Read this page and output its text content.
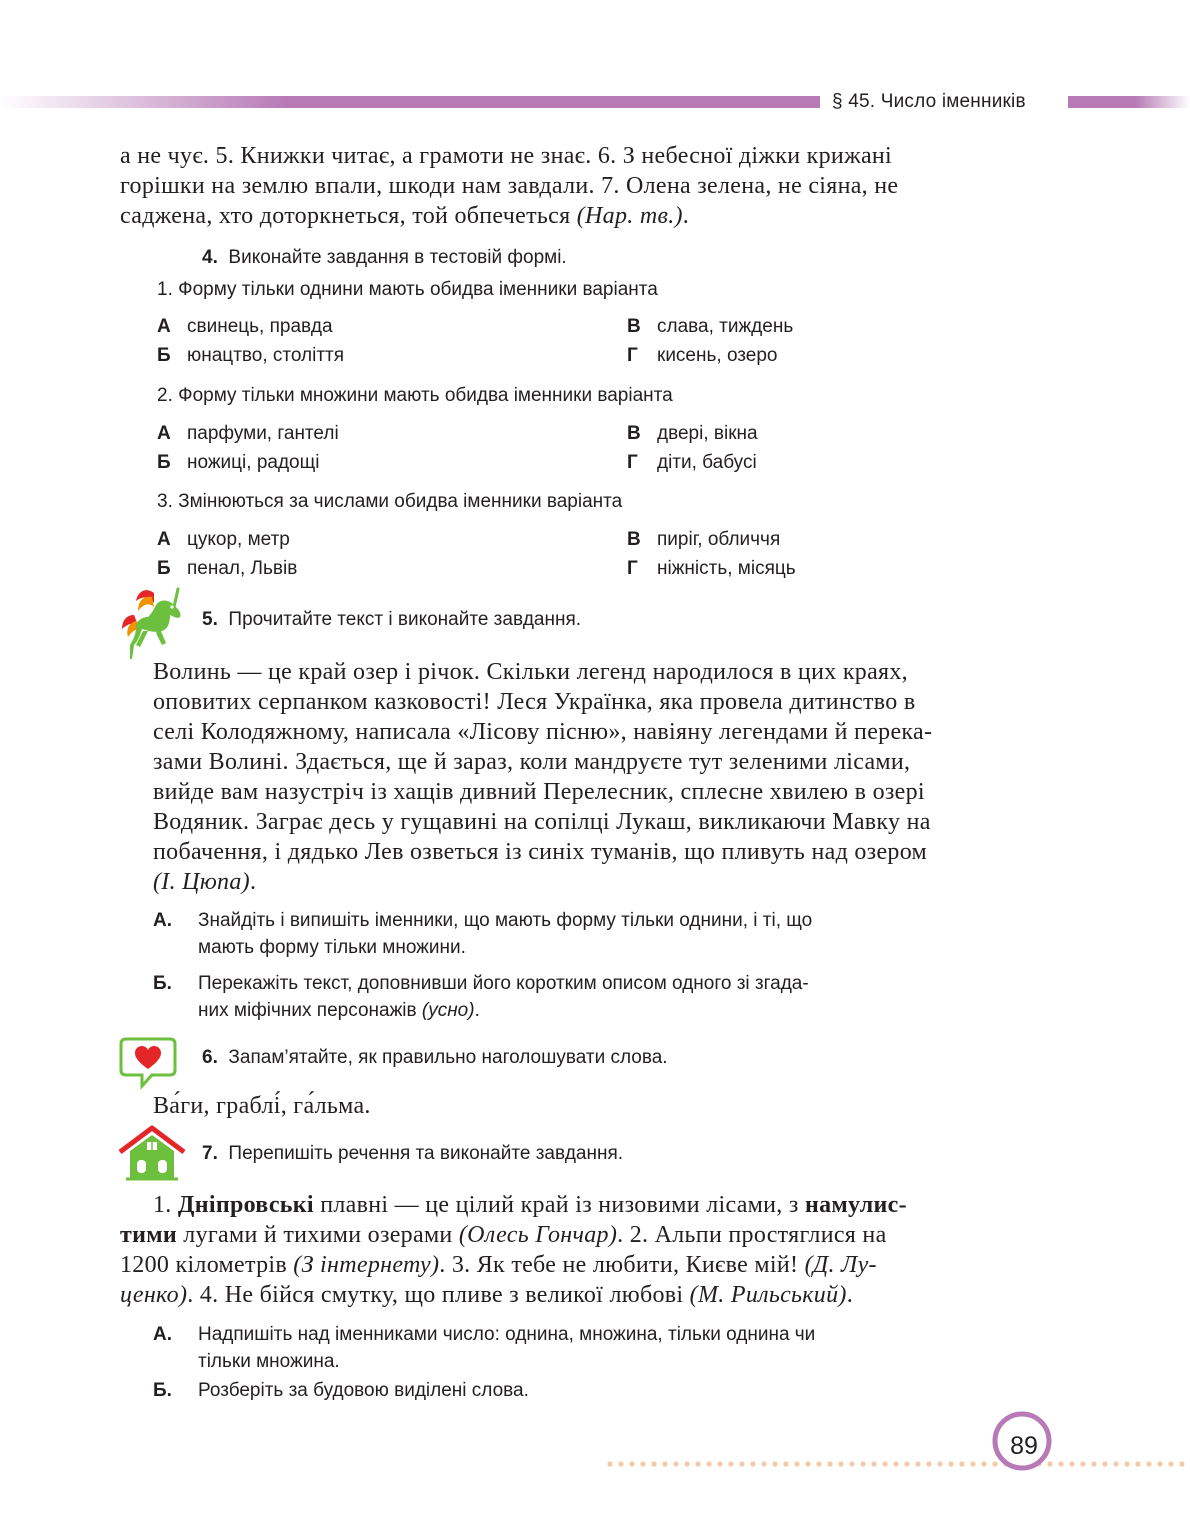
§ 45. Число іменників
а не чує. 5. Книжки читає, а грамоти не знає. 6. З небесної діжки крижані
горішки на землю впали, шкоди нам завдали. 7. Олена зелена, не сіяна, не
саджена, хто доторкнеться, той обпечеться (Нар. тв.).
4. Виконайте завдання в тестовій формі.
1. Форму тільки однини мають обидва іменники варіанта
А свинець, правда
Б юнацтво, століття
В слава, тиждень
Г кисень, озеро
2. Форму тільки множини мають обидва іменники варіанта
А парфуми, гантелі
Б ножиці, радощі
В двері, вікна
Г діти, бабусі
3. Змінюються за числами обидва іменники варіанта
А цукор, метр
Б пенал, Львів
В пиріг, обличчя
Г ніжність, місяць
5. Прочитайте текст і виконайте завдання.
Волинь — це край озер і річок. Скільки легенд народилося в цих краях,
оповитих серпанком казковості! Леся Українка, яка провела дитинство в
селі Колодяжному, написала «Лісову пісню», навіяну легендами й перека-
зами Волині. Здається, ще й зараз, коли мандруєте тут зеленими лісами,
вийде вам назустріч із хащів дивний Перелесник, сплесне хвилею в озері
Водяник. Заграє десь у гущавині на сопілці Лукаш, викликаючи Мавку на
побачення, і дядько Лев озветься із синіх туманів, що пливуть над озером
(І. Цюпа).
А. Знайдіть і випишіть іменники, що мають форму тільки однини, і ті, що
мають форму тільки множини.
Б. Перекажіть текст, доповнивши його коротким описом одного зі згада-
них міфічних персонажів (усно).
6. Запам’ятайте, як правильно наголошувати слова.
Ва́ги, граблі́, га́льма.
7. Перепишіть речення та виконайте завдання.
1. Дніпровські плавні — це цілий край із низовими лісами, з намулис-
тими лугами й тихими озерами (Олесь Гончар). 2. Альпи простяглися на
1200 кілометрів (З інтернету). 3. Як тебе не любити, Києве мій! (Д. Лу-
ценко). 4. Не бійся смутку, що пливе з великої любові (М. Рильський).
А. Надпишіть над іменниками число: однина, множина, тільки однина чи
тільки множина.
Б. Розберіть за будовою виділені слова.
89
